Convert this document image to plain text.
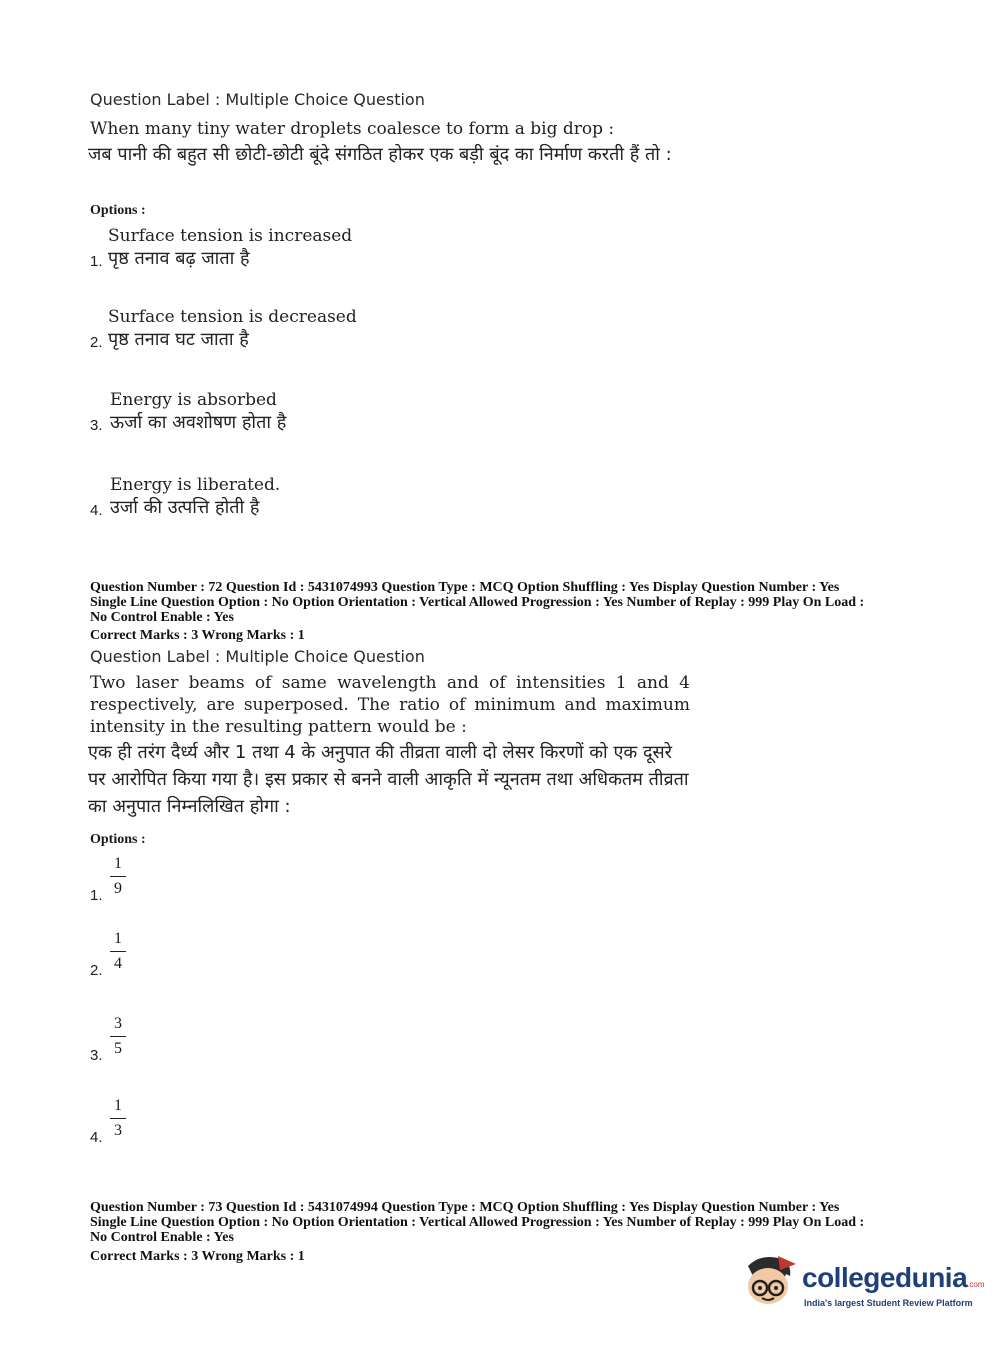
Question Label : Multiple Choice Question
When many tiny water droplets coalesce to form a big drop :
जब पानी की बहुत सी छोटी-छोटी बूंदे संगठित होकर एक बड़ी बूंद का निर्माण करती हैं तो :
Options :
Surface tension is increased
1. पृष्ठ तनाव बढ़ जाता है
Surface tension is decreased
2. पृष्ठ तनाव घट जाता है
Energy is absorbed
3. ऊर्जा का अवशोषण होता है
Energy is liberated.
4. उर्जा की उत्पत्ति होती है
Question Number : 72 Question Id : 5431074993 Question Type : MCQ Option Shuffling : Yes Display Question Number : Yes
Single Line Question Option : No Option Orientation : Vertical Allowed Progression : Yes Number of Replay : 999 Play On Load :
No Control Enable : Yes
Correct Marks : 3 Wrong Marks : 1
Question Label : Multiple Choice Question
Two laser beams of same wavelength and of intensities 1 and 4 respectively, are superposed. The ratio of minimum and maximum intensity in the resulting pattern would be :
एक ही तरंग दैर्ध्य और 1 तथा 4 के अनुपात की तीव्रता वाली दो लेसर किरणों को एक दूसरे पर आरोपित किया गया है। इस प्रकार से बनने वाली आकृति में न्यूनतम तथा अधिकतम तीव्रता का अनुपात निम्नलिखित होगा :
Options :
1. $\frac{1}{9}$
2. $\frac{1}{4}$
3. $\frac{3}{5}$
4. $\frac{1}{3}$
Question Number : 73 Question Id : 5431074994 Question Type : MCQ Option Shuffling : Yes Display Question Number : Yes
Single Line Question Option : No Option Orientation : Vertical Allowed Progression : Yes Number of Replay : 999 Play On Load :
No Control Enable : Yes
Correct Marks : 3 Wrong Marks : 1
collegedunia.com
India's largest Student Review Platform
